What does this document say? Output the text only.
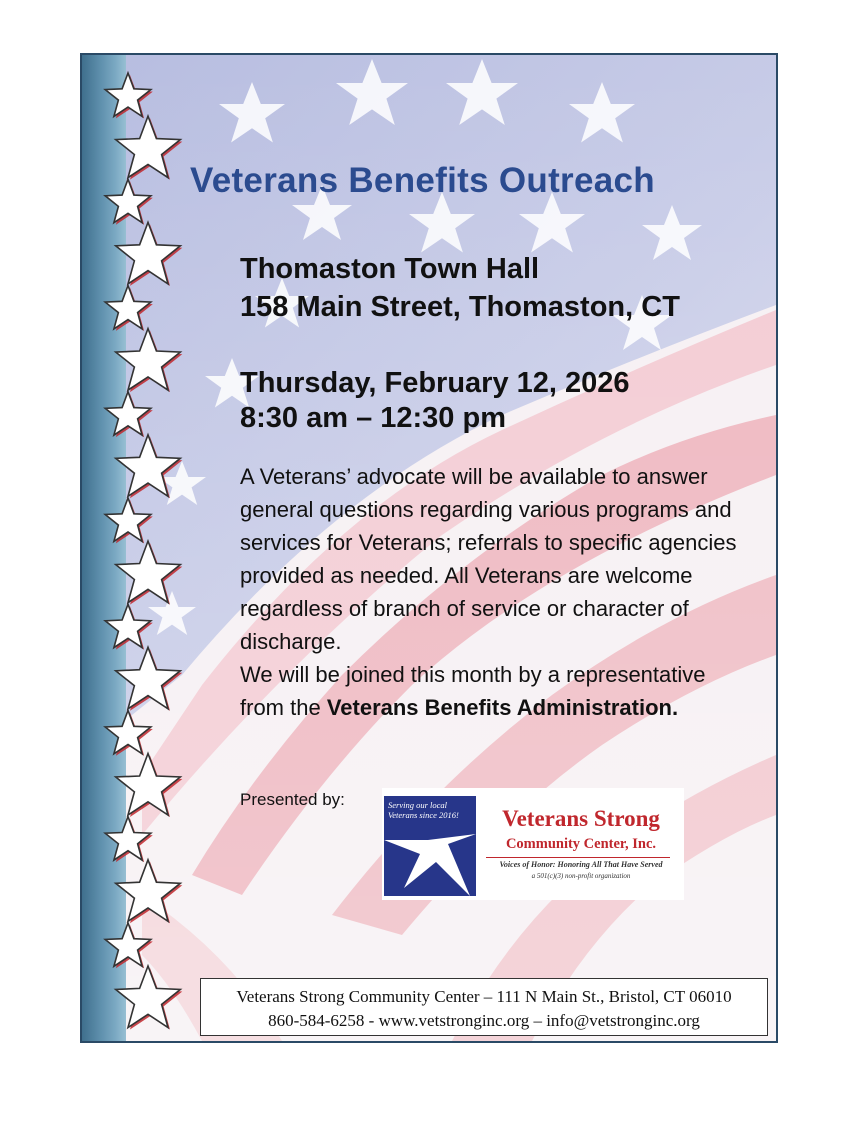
Veterans Benefits Outreach
Thomaston Town Hall
158 Main Street, Thomaston, CT
Thursday, February 12, 2026
8:30 am – 12:30 pm

A Veterans’ advocate will be available to answer general questions regarding various programs and services for Veterans; referrals to specific agencies provided as needed. All Veterans are welcome regardless of branch of service or character of discharge.

We will be joined this month by a representative from the Veterans Benefits Administration.

Presented by:	Serving our local Veterans since 2016!	Veterans Strong
Community Center, Inc.
Voices of Honor: Honoring All That Have Served
a 501(c)(3) non-profit organization
Veterans Strong Community Center – 111 N Main St., Bristol, CT 06010
860-584-6258 - www.vetstronginc.org – info@vetstronginc.org
